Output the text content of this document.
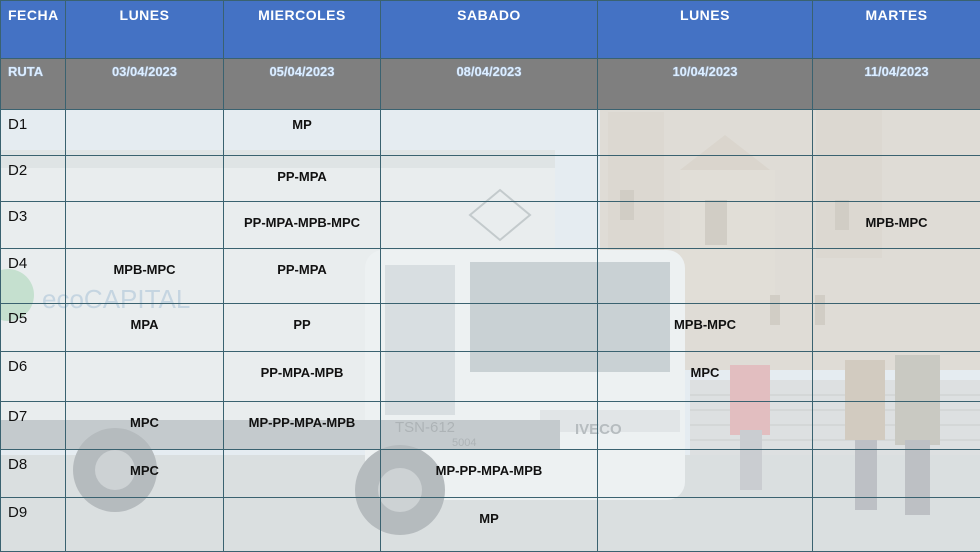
FECHA	LUNES	MIERCOLES	SABADO	LUNES	MARTES
RUTA	03/04/2023	05/04/2023	08/04/2023	10/04/2023	11/04/2023
D1		MP			
D2		PP-MPA			
D3		PP-MPA-MPB-MPC			MPB-MPC
D4	MPB-MPC	PP-MPA			
D5	MPA	PP		MPB-MPC	
D6		PP-MPA-MPB		MPC	
D7	MPC	MP-PP-MPA-MPB			
D8	MPC		MP-PP-MPA-MPB		
D9			MP		
